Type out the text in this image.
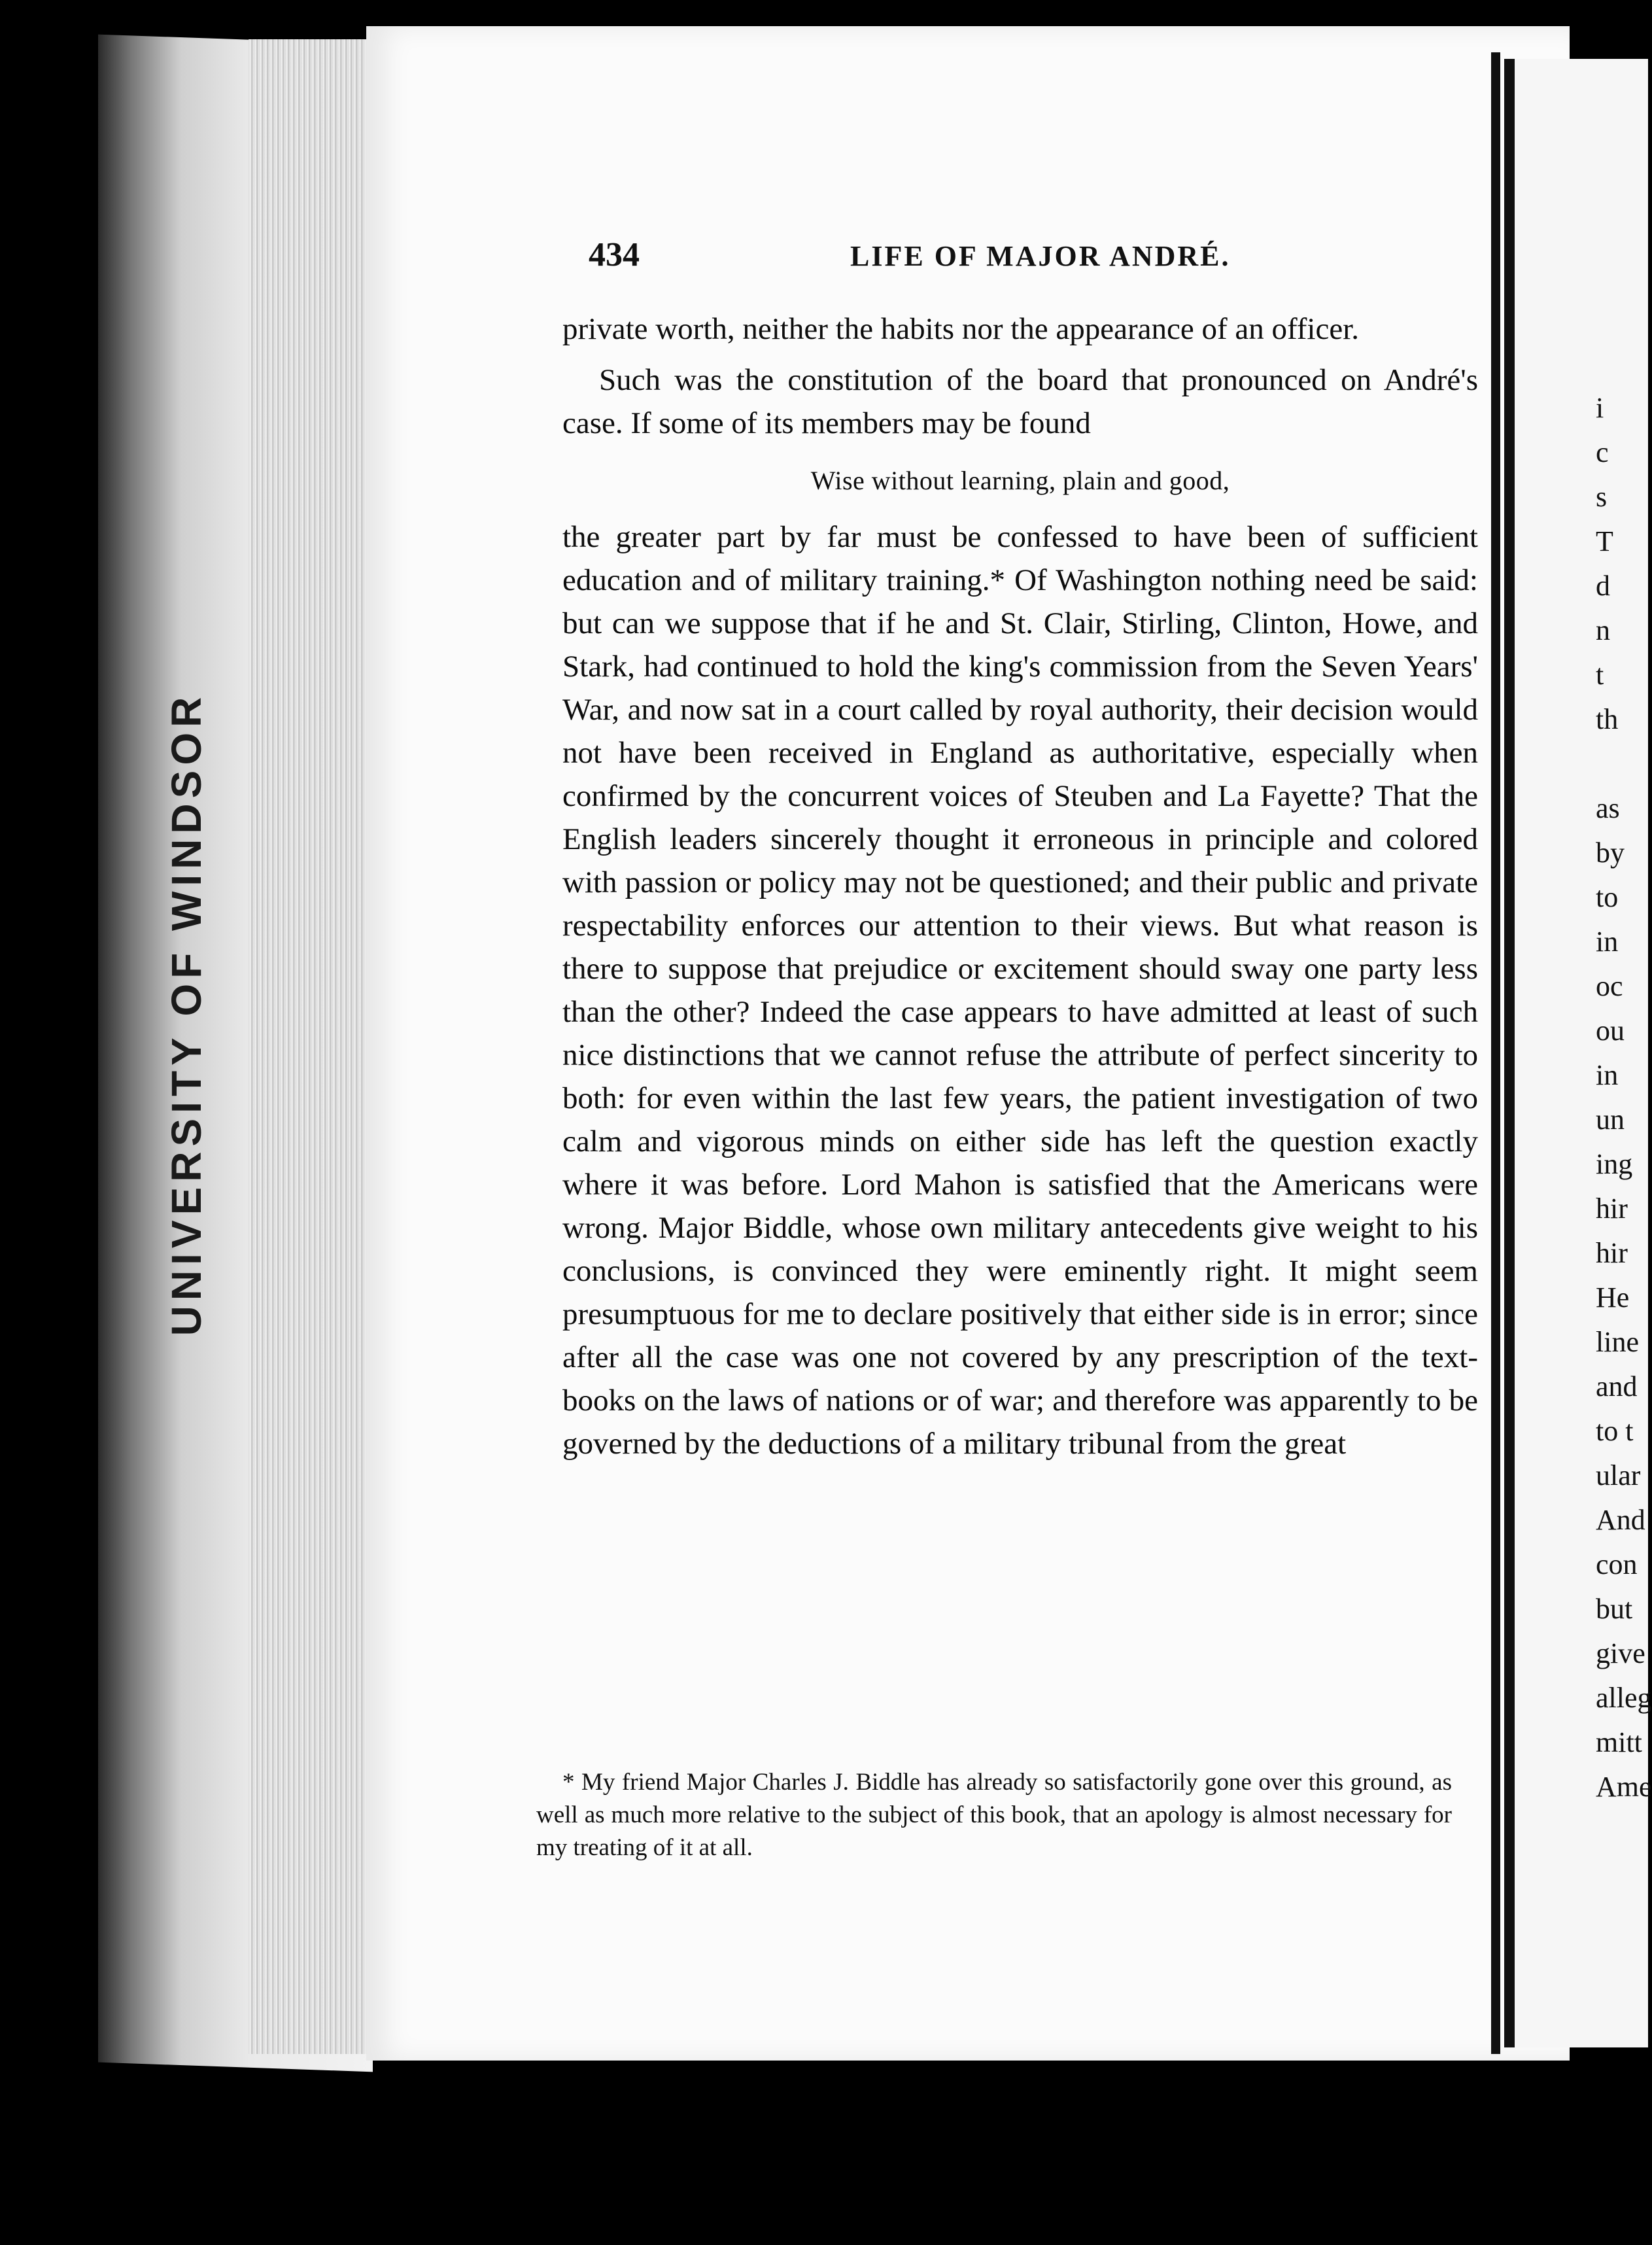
UNIVERSITY OF WINDSOR
434	LIFE OF MAJOR ANDRÉ.

private worth, neither the habits nor the appearance of an officer.

Such was the constitution of the board that pronounced on André's case. If some of its members may be found

Wise without learning, plain and good,

the greater part by far must be confessed to have been of sufficient education and of military training.* Of Washington nothing need be said: but can we suppose that if he and St. Clair, Stirling, Clinton, Howe, and Stark, had continued to hold the king's commission from the Seven Years' War, and now sat in a court called by royal authority, their decision would not have been received in England as authoritative, especially when confirmed by the concurrent voices of Steuben and La Fayette? That the English leaders sincerely thought it erroneous in principle and colored with passion or policy may not be questioned; and their public and private respectability enforces our attention to their views. But what reason is there to suppose that prejudice or excitement should sway one party less than the other? Indeed the case appears to have admitted at least of such nice distinctions that we cannot refuse the attribute of perfect sincerity to both: for even within the last few years, the patient investigation of two calm and vigorous minds on either side has left the question exactly where it was before. Lord Mahon is satisfied that the Americans were wrong. Major Biddle, whose own military antecedents give weight to his conclusions, is convinced they were eminently right. It might seem presumptuous for me to declare positively that either side is in error; since after all the case was one not covered by any prescription of the text-books on the laws of nations or of war; and therefore was apparently to be governed by the deductions of a military tribunal from the great

* My friend Major Charles J. Biddle has already so satisfactorily gone over this ground, as well as much more relative to the subject of this book, that an apology is almost necessary for my treating of it at all.

i
c
s
T
d
n
t
th

as
by
to
in
oc
ou
in
un
ing
hir
hir
He
line
and
to t
ular
And
con
but
give
alleg
mitt
Ame
